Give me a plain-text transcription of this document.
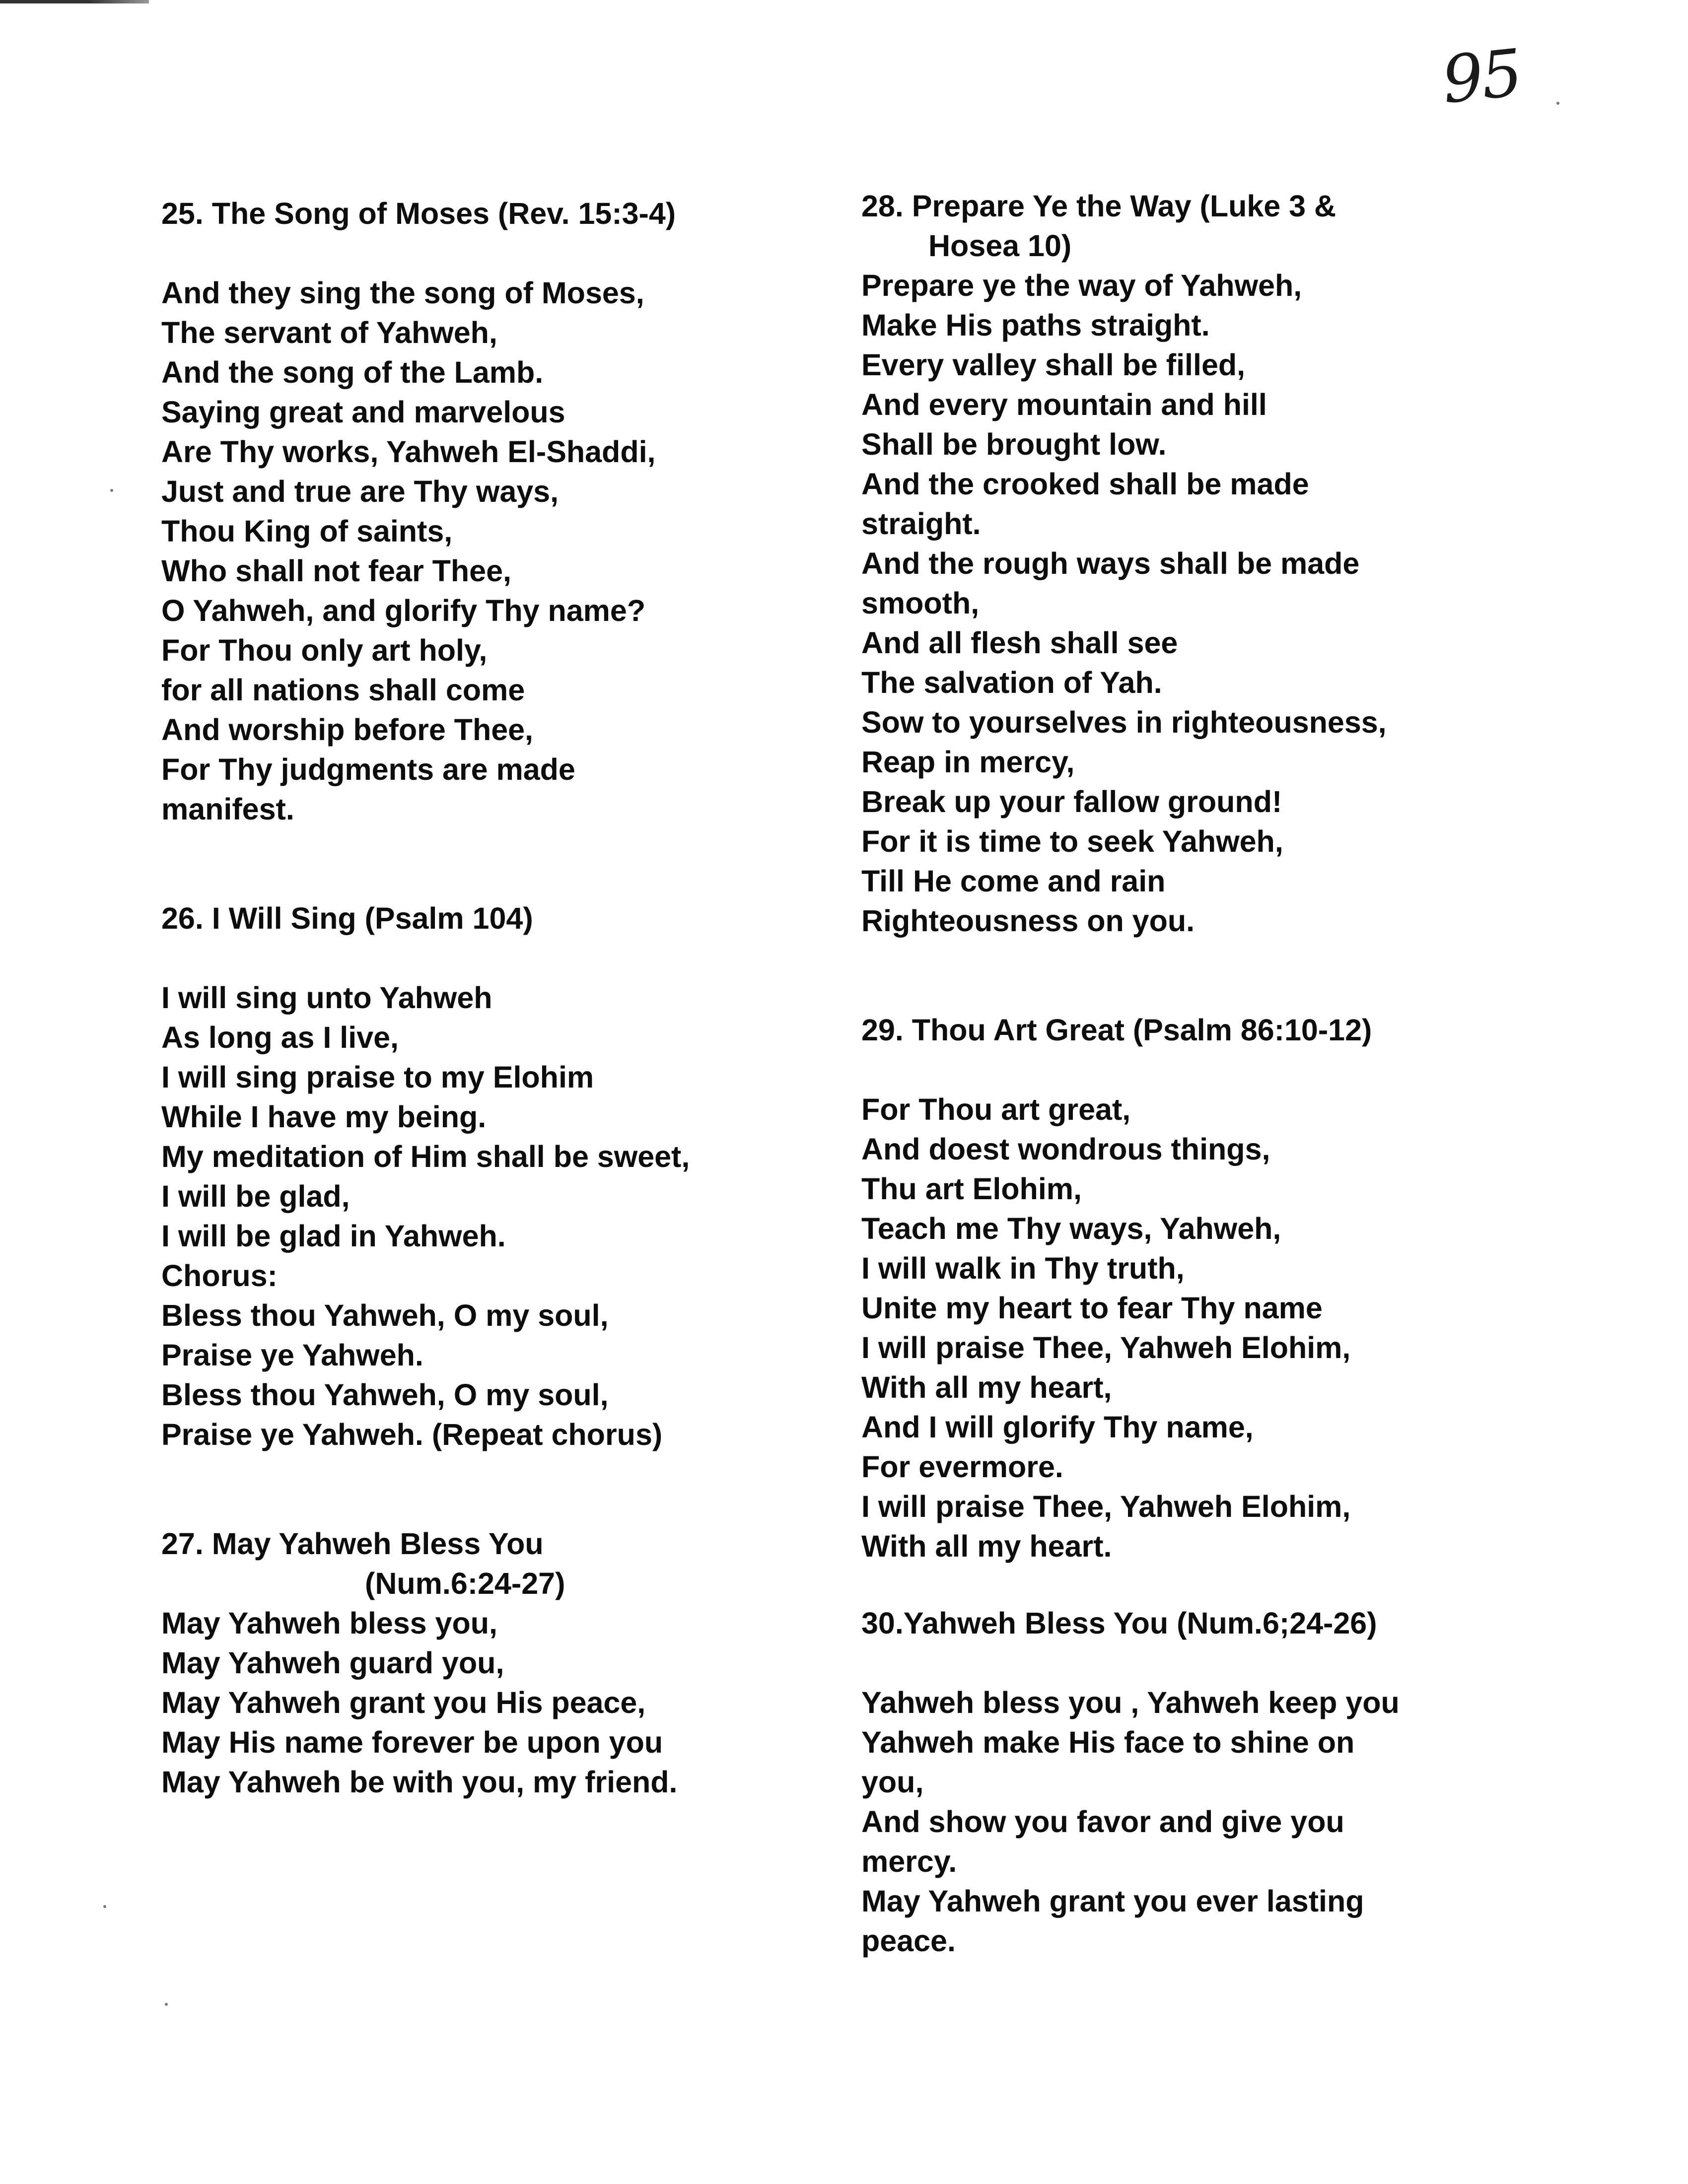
95
25. The Song of Moses (Rev. 15:3-4)
And they sing the song of Moses,
The servant of Yahweh,
And the song of the Lamb.
Saying great and marvelous
Are Thy works, Yahweh El-Shaddi,
Just and true are Thy ways,
Thou King of saints,
Who shall not fear Thee,
O Yahweh, and glorify Thy name?
For Thou only art holy,
for all nations shall come
And worship before Thee,
For Thy judgments are made
manifest.
26. I Will Sing (Psalm 104)
I will sing unto Yahweh
As long as I live,
I will sing praise to my Elohim
While I have my being.
My meditation of Him shall be sweet,
I will be glad,
I will be glad in Yahweh.
Chorus:
Bless thou Yahweh, O my soul,
Praise ye Yahweh.
Bless thou Yahweh, O my soul,
Praise ye Yahweh. (Repeat chorus)
27. May Yahweh Bless You
(Num.6:24-27)
May Yahweh bless you,
May Yahweh guard you,
May Yahweh grant you His peace,
May His name forever be upon you
May Yahweh be with you, my friend.
28. Prepare Ye the Way (Luke 3 &
Hosea 10)
Prepare ye the way of Yahweh,
Make His paths straight.
Every valley shall be filled,
And every mountain and hill
Shall be brought low.
And the crooked shall be made
straight.
And the rough ways shall be made
smooth,
And all flesh shall see
The salvation of Yah.
Sow to yourselves in righteousness,
Reap in mercy,
Break up your fallow ground!
For it is time to seek Yahweh,
Till He come and rain
Righteousness on you.
29. Thou Art Great (Psalm 86:10-12)
For Thou art great,
And doest wondrous things,
Thu art Elohim,
Teach me Thy ways, Yahweh,
I will walk in Thy truth,
Unite my heart to fear Thy name
I will praise Thee, Yahweh Elohim,
With all my heart,
And I will glorify Thy name,
For evermore.
I will praise Thee, Yahweh Elohim,
With all my heart.
30.Yahweh Bless You (Num.6;24-26)
Yahweh bless you , Yahweh keep you
Yahweh make His face to shine on
you,
And show you favor and give you
mercy.
May Yahweh grant you ever lasting
peace.
